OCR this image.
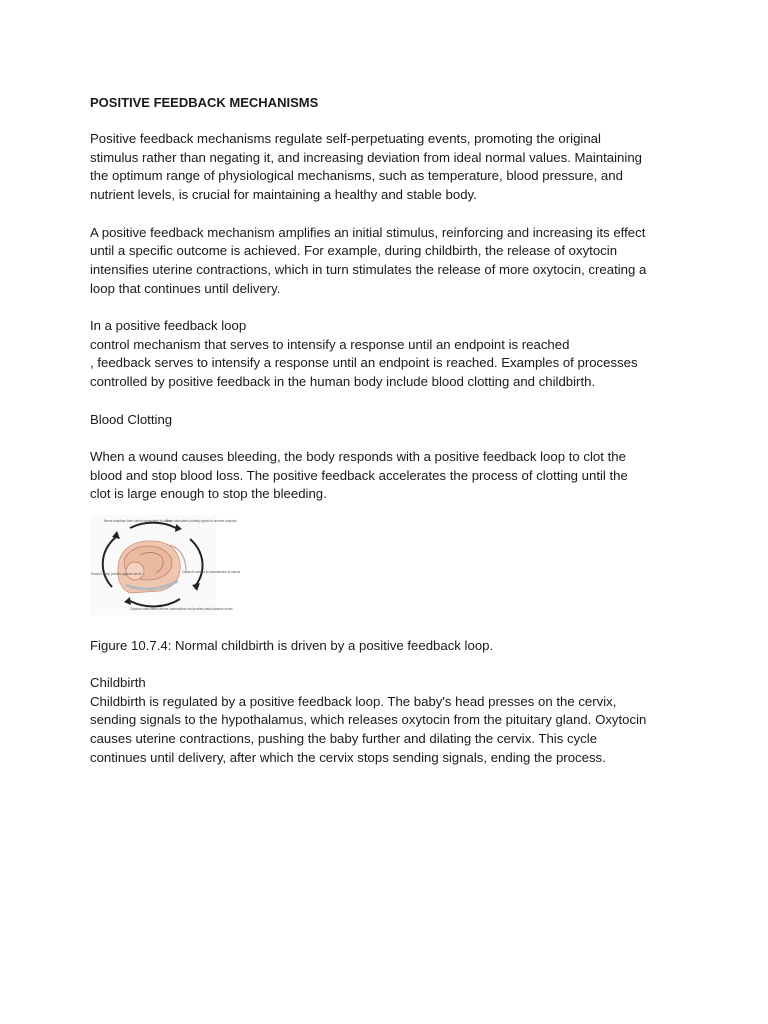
POSITIVE FEEDBACK MECHANISMS

Positive feedback mechanisms regulate self-perpetuating events, promoting the original
stimulus rather than negating it, and increasing deviation from ideal normal values. Maintaining
the optimum range of physiological mechanisms, such as temperature, blood pressure, and
nutrient levels, is crucial for maintaining a healthy and stable body.

A positive feedback mechanism amplifies an initial stimulus, reinforcing and increasing its effect
until a specific outcome is achieved. For example, during childbirth, the release of oxytocin
intensifies uterine contractions, which in turn stimulates the release of more oxytocin, creating a
loop that continues until delivery.

In a positive feedback loop
control mechanism that serves to intensify a response until an endpoint is reached
, feedback serves to intensify a response until an endpoint is reached. Examples of processes
controlled by positive feedback in the human body include blood clotting and childbirth.

Blood Clotting

When a wound causes bleeding, the body responds with a positive feedback loop to clot the
blood and stop blood loss. The positive feedback accelerates the process of clotting until the
clot is large enough to stop the bleeding.

Nerve impulses from cervix transmitted to brain
Brain stimulates pituitary gland to secrete oxytocin
Oxytocin carried in bloodstream to uterus
Oxytocin stimulates uterine contractions and pushes baby towards cervix
Head of baby pushes against cervix

Figure 10.7.4: Normal childbirth is driven by a positive feedback loop.

Childbirth
Childbirth is regulated by a positive feedback loop. The baby's head presses on the cervix,
sending signals to the hypothalamus, which releases oxytocin from the pituitary gland. Oxytocin
causes uterine contractions, pushing the baby further and dilating the cervix. This cycle
continues until delivery, after which the cervix stops sending signals, ending the process.
